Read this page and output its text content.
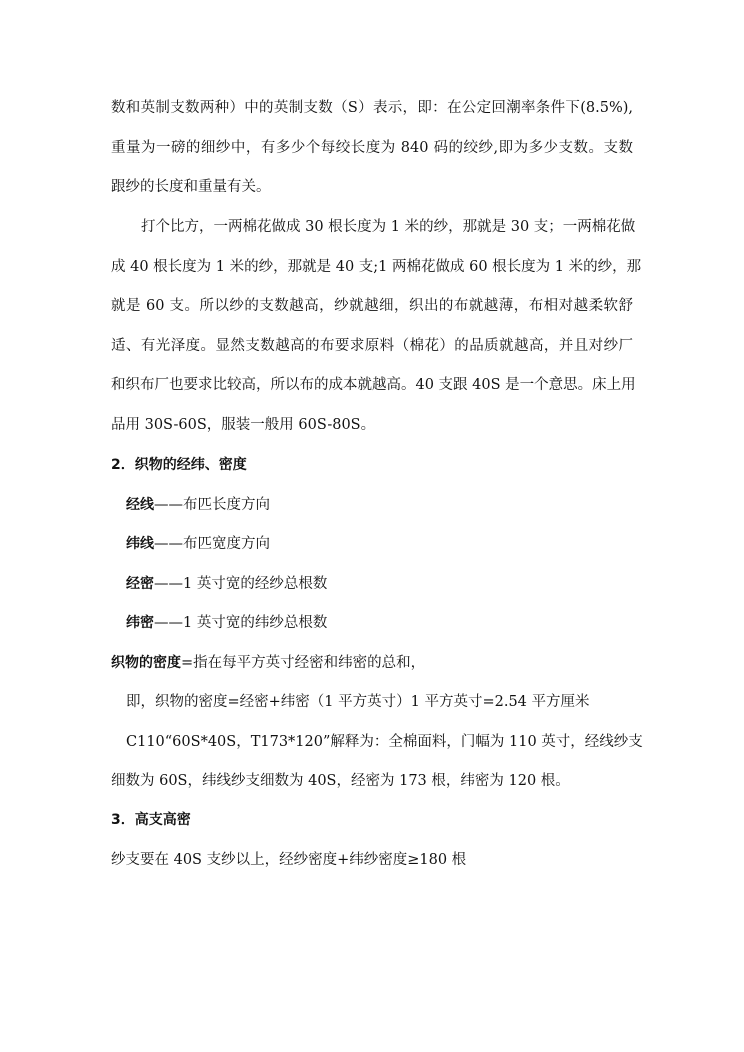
数和英制支数两种）中的英制支数（S）表示，即：在公定回潮率条件下(8.5%),
重量为一磅的细纱中，有多少个每绞长度为 840 码的绞纱,即为多少支数。支数
跟纱的长度和重量有关。
打个比方，一两棉花做成 30 根长度为 1 米的纱，那就是 30 支；一两棉花做
成 40 根长度为 1 米的纱，那就是 40 支;1 两棉花做成 60 根长度为 1 米的纱，那
就是 60 支。所以纱的支数越高，纱就越细，织出的布就越薄，布相对越柔软舒
适、有光泽度。显然支数越高的布要求原料（棉花）的品质就越高，并且对纱厂
和织布厂也要求比较高，所以布的成本就越高。40 支跟 40S 是一个意思。床上用
品用 30S-60S，服装一般用 60S-80S。
2．织物的经纬、密度
经线——布匹长度方向
纬线——布匹宽度方向
经密——1 英寸宽的经纱总根数
纬密——1 英寸宽的纬纱总根数
织物的密度=指在每平方英寸经密和纬密的总和，
即，织物的密度=经密+纬密（1 平方英寸）1 平方英寸=2.54 平方厘米
C110“60S*40S，T173*120”解释为：全棉面料，门幅为 110 英寸，经线纱支
细数为 60S，纬线纱支细数为 40S，经密为 173 根，纬密为 120 根。
3．高支高密
纱支要在 40S 支纱以上，经纱密度+纬纱密度≥180 根
